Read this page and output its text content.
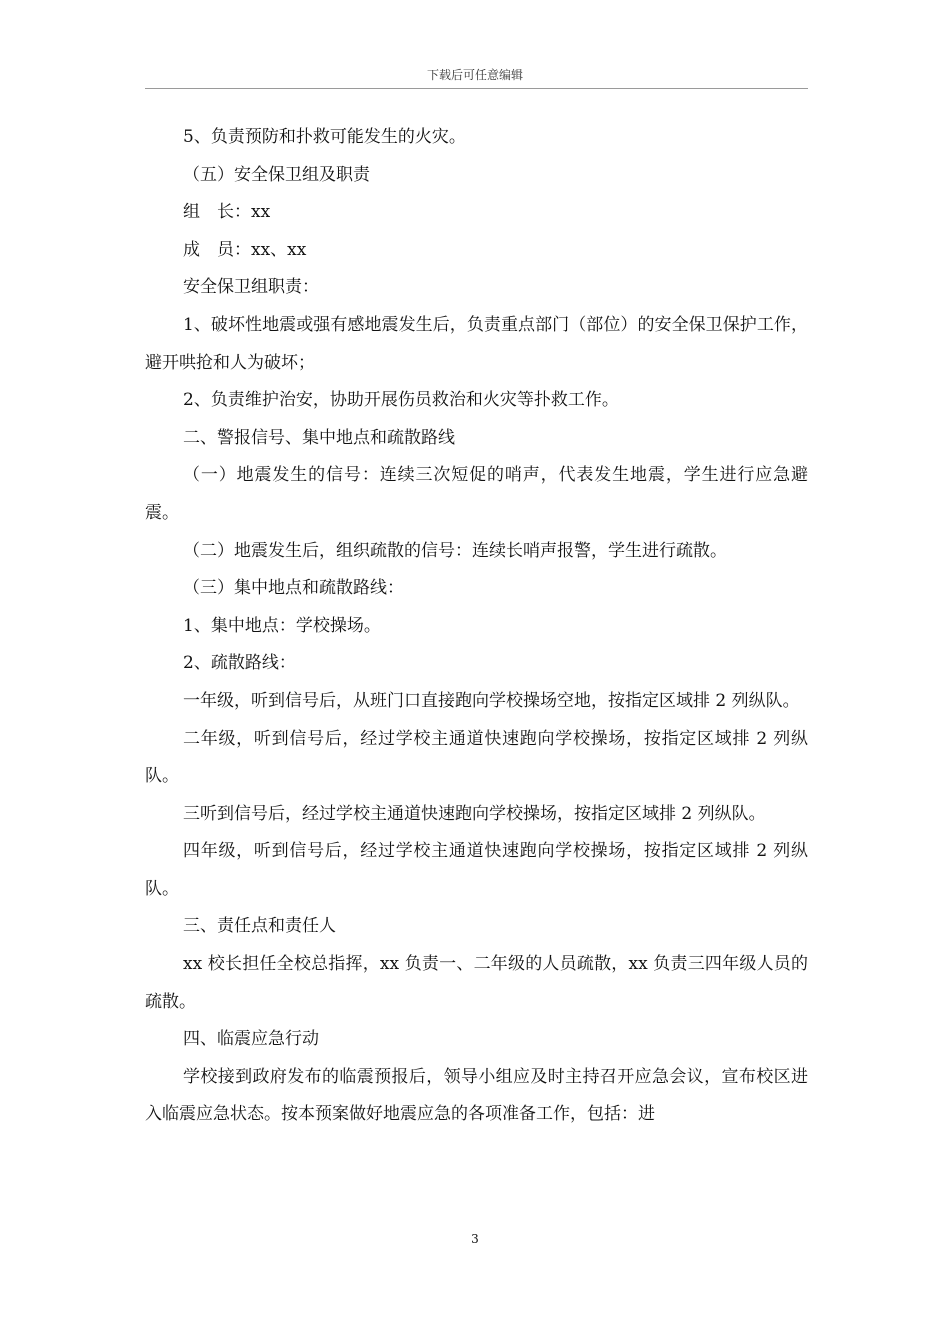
下载后可任意编辑

5、负责预防和扑救可能发生的火灾。

（五）安全保卫组及职责

组　长：xx

成　员：xx、xx

安全保卫组职责：

1、破坏性地震或强有感地震发生后，负责重点部门（部位）的安全保卫保护工作，避开哄抢和人为破坏；

2、负责维护治安，协助开展伤员救治和火灾等扑救工作。

二、警报信号、集中地点和疏散路线

（一）地震发生的信号：连续三次短促的哨声，代表发生地震，学生进行应急避震。

（二）地震发生后，组织疏散的信号：连续长哨声报警，学生进行疏散。

（三）集中地点和疏散路线：

1、集中地点：学校操场。

2、疏散路线：

一年级，听到信号后，从班门口直接跑向学校操场空地，按指定区域排 2 列纵队。

二年级，听到信号后，经过学校主通道快速跑向学校操场，按指定区域排 2 列纵队。

三听到信号后，经过学校主通道快速跑向学校操场，按指定区域排 2 列纵队。

四年级，听到信号后，经过学校主通道快速跑向学校操场，按指定区域排 2 列纵队。

三、责任点和责任人

xx 校长担任全校总指挥，xx 负责一、二年级的人员疏散，xx 负责三四年级人员的疏散。

四、临震应急行动

学校接到政府发布的临震预报后，领导小组应及时主持召开应急会议，宣布校区进入临震应急状态。按本预案做好地震应急的各项准备工作，包括：进

3
